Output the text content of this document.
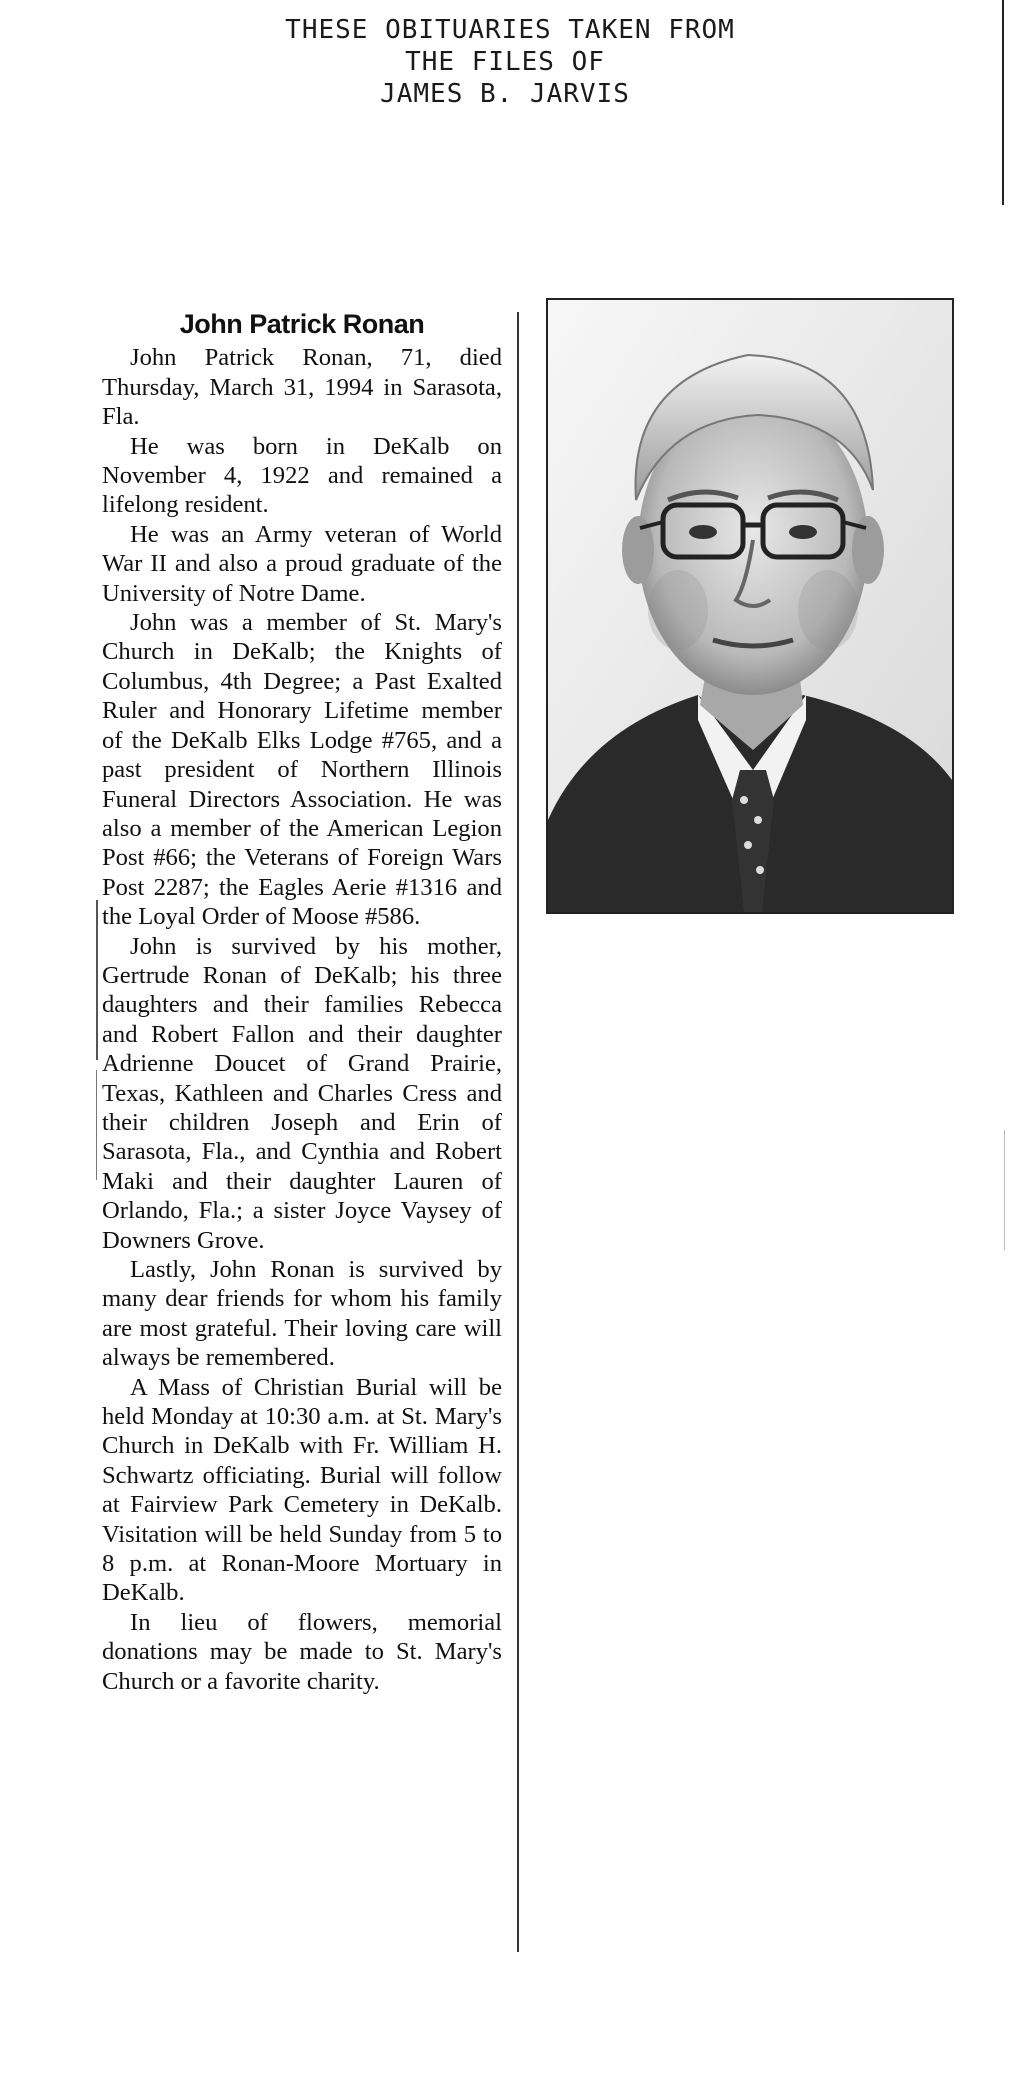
THESE OBITUARIES TAKEN FROM
THE FILES OF
JAMES B. JARVIS
John Patrick Ronan

John Patrick Ronan, 71, died Thursday, March 31, 1994 in Sarasota, Fla.

He was born in DeKalb on November 4, 1922 and remained a lifelong resident.

He was an Army veteran of World War II and also a proud graduate of the University of Notre Dame.

John was a member of St. Mary's Church in DeKalb; the Knights of Columbus, 4th Degree; a Past Exalted Ruler and Honorary Lifetime member of the DeKalb Elks Lodge #765, and a past president of Northern Illinois Funeral Directors Association. He was also a member of the American Legion Post #66; the Veterans of Foreign Wars Post 2287; the Eagles Aerie #1316 and the Loyal Order of Moose #586.

John is survived by his mother, Gertrude Ronan of DeKalb; his three daughters and their families Rebecca and Robert Fallon and their daughter Adrienne Doucet of Grand Prairie, Texas, Kathleen and Charles Cress and their children Joseph and Erin of Sarasota, Fla., and Cynthia and Robert Maki and their daughter Lauren of Orlando, Fla.; a sister Joyce Vaysey of Downers Grove.

Lastly, John Ronan is survived by many dear friends for whom his family are most grateful. Their loving care will always be remembered.

A Mass of Christian Burial will be held Monday at 10:30 a.m. at St. Mary's Church in DeKalb with Fr. William H. Schwartz officiating. Burial will follow at Fairview Park Cemetery in DeKalb. Visitation will be held Sunday from 5 to 8 p.m. at Ronan-Moore Mortuary in DeKalb.

In lieu of flowers, memorial donations may be made to St. Mary's Church or a favorite charity.
